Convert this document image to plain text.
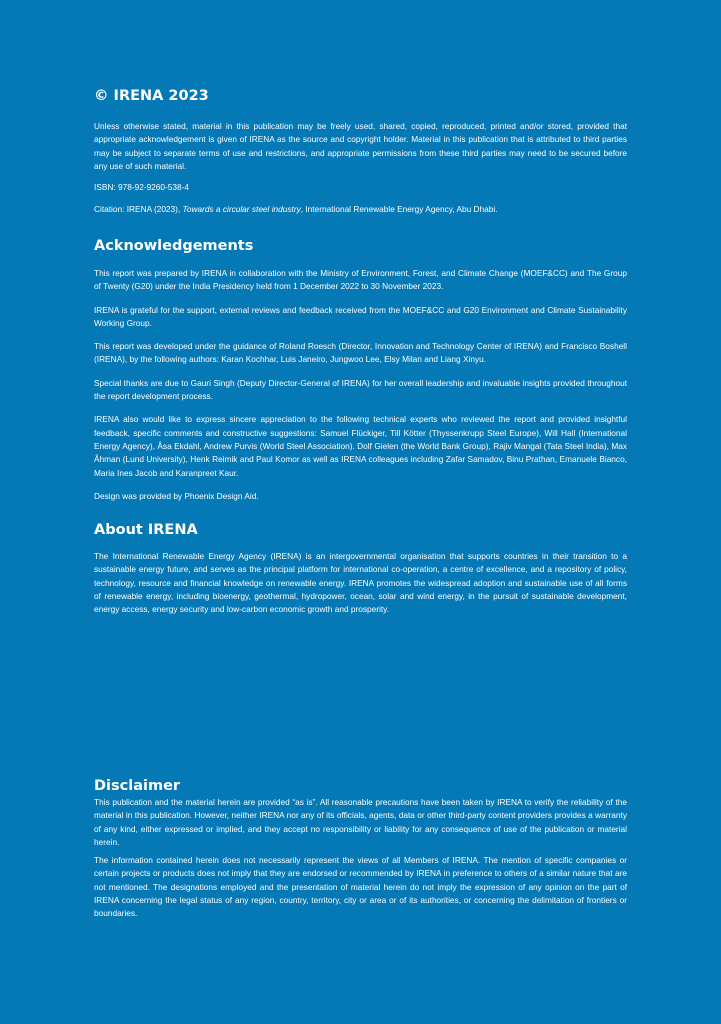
© IRENA 2023

Unless otherwise stated, material in this publication may be freely used, shared, copied, reproduced, printed and/or stored, provided that appropriate acknowledgement is given of IRENA as the source and copyright holder. Material in this publication that is attributed to third parties may be subject to separate terms of use and restrictions, and appropriate permissions from these third parties may need to be secured before any use of such material.

ISBN: 978-92-9260-538-4

Citation: IRENA (2023), Towards a circular steel industry, International Renewable Energy Agency, Abu Dhabi.

Acknowledgements

This report was prepared by IRENA in collaboration with the Ministry of Environment, Forest, and Climate Change (MOEF&CC) and The Group of Twenty (G20) under the India Presidency held from 1 December 2022 to 30 November 2023.

IRENA is grateful for the support, external reviews and feedback received from the MOEF&CC and G20 Environment and Climate Sustainability Working Group.

This report was developed under the guidance of Roland Roesch (Director, Innovation and Technology Center of IRENA) and Francisco Boshell (IRENA), by the following authors: Karan Kochhar, Luis Janeiro, Jungwoo Lee, Elsy Milan and Liang Xinyu.

Special thanks are due to Gauri Singh (Deputy Director-General of IRENA) for her overall leadership and invaluable insights provided throughout the report development process.

IRENA also would like to express sincere appreciation to the following technical experts who reviewed the report and provided insightful feedback, specific comments and constructive suggestions: Samuel Flückiger, Till Kötter (Thyssenkrupp Steel Europe), Will Hall (International Energy Agency), Åsa Ekdahl, Andrew Purvis (World Steel Association). Dolf Gielen (the World Bank Group), Rajiv Mangal (Tata Steel India), Max Åhman (Lund University), Henk Reimik and Paul Komor as well as IRENA colleagues including Zafar Samadov, Binu Prathan, Emanuele Bianco, Maria Ines Jacob and Karanpreet Kaur.

Design was provided by Phoenix Design Aid.

About IRENA

The International Renewable Energy Agency (IRENA) is an intergovernmental organisation that supports countries in their transition to a sustainable energy future, and serves as the principal platform for international co-operation, a centre of excellence, and a repository of policy, technology, resource and financial knowledge on renewable energy. IRENA promotes the widespread adoption and sustainable use of all forms of renewable energy, including bioenergy, geothermal, hydropower, ocean, solar and wind energy, in the pursuit of sustainable development, energy access, energy security and low-carbon economic growth and prosperity.

Disclaimer

This publication and the material herein are provided “as is”. All reasonable precautions have been taken by IRENA to verify the reliability of the material in this publication. However, neither IRENA nor any of its officials, agents, data or other third-party content providers provides a warranty of any kind, either expressed or implied, and they accept no responsibility or liability for any consequence of use of the publication or material herein.

The information contained herein does not necessarily represent the views of all Members of IRENA. The mention of specific companies or certain projects or products does not imply that they are endorsed or recommended by IRENA in preference to others of a similar nature that are not mentioned. The designations employed and the presentation of material herein do not imply the expression of any opinion on the part of IRENA concerning the legal status of any region, country, territory, city or area or of its authorities, or concerning the delimitation of frontiers or boundaries.
